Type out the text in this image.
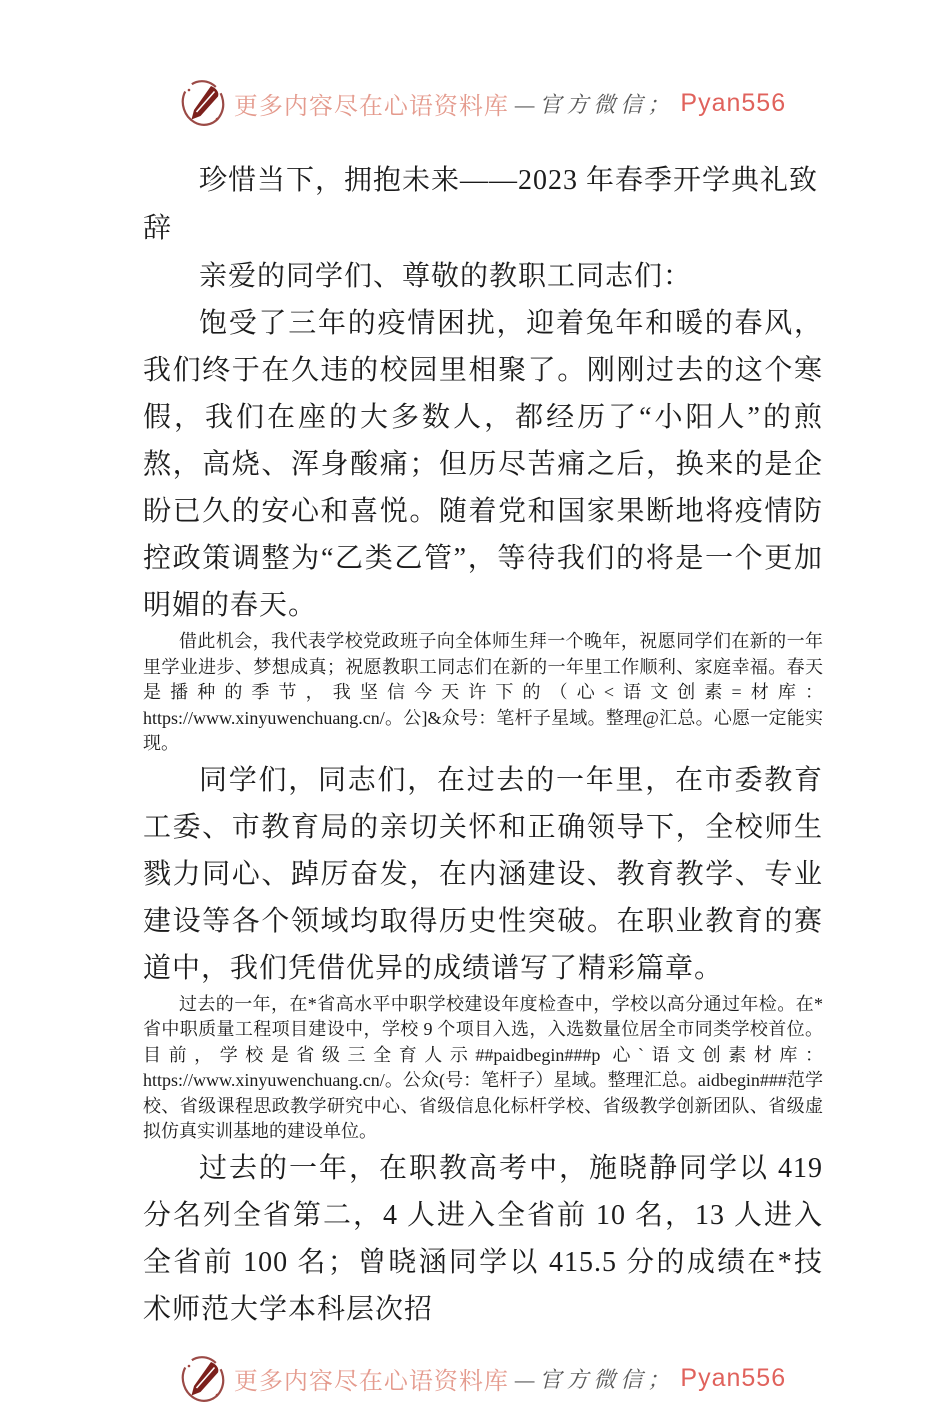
更多内容尽在心语资料库 —官方微信； Pyan556
珍惜当下，拥抱未来——2023 年春季开学典礼致辞

亲爱的同学们、尊敬的教职工同志们：

饱受了三年的疫情困扰，迎着兔年和暖的春风，我们终于在久违的校园里相聚了。刚刚过去的这个寒假，我们在座的大多数人，都经历了“小阳人”的煎熬，高烧、浑身酸痛；但历尽苦痛之后，换来的是企盼已久的安心和喜悦。随着党和国家果断地将疫情防控政策调整为“乙类乙管”，等待我们的将是一个更加明媚的春天。

借此机会，我代表学校党政班子向全体师生拜一个晚年，祝愿同学们在新的一年里学业进步、梦想成真；祝愿教职工同志们在新的一年里工作顺利、家庭幸福。春天是播种的季节，我坚信今天许下的（心<语文创素=材库：https://www.xinyuwenchuang.cn/。公]&众号：笔杆子星域。整理@汇总。心愿一定能实现。

同学们，同志们，在过去的一年里，在市委教育工委、市教育局的亲切关怀和正确领导下，全校师生戮力同心、踔厉奋发，在内涵建设、教育教学、专业建设等各个领域均取得历史性突破。在职业教育的赛道中，我们凭借优异的成绩谱写了精彩篇章。

过去的一年，在*省高水平中职学校建设年度检查中，学校以高分通过年检。在*省中职质量工程项目建设中，学校 9 个项目入选，入选数量位居全市同类学校首位。目前，学校是省级三全育人示##paidbegin###p 心`语文创素材库：https://www.xinyuwenchuang.cn/。公众(号：笔杆子）星域。整理汇总。aidbegin###范学校、省级课程思政教学研究中心、省级信息化标杆学校、省级教学创新团队、省级虚拟仿真实训基地的建设单位。

过去的一年，在职教高考中，施晓静同学以 419 分名列全省第二，4 人进入全省前 10 名，13 人进入全省前 100 名；曾晓涵同学以 415.5 分的成绩在*技术师范大学本科层次招

更多内容尽在心语资料库 —官方微信； Pyan556
